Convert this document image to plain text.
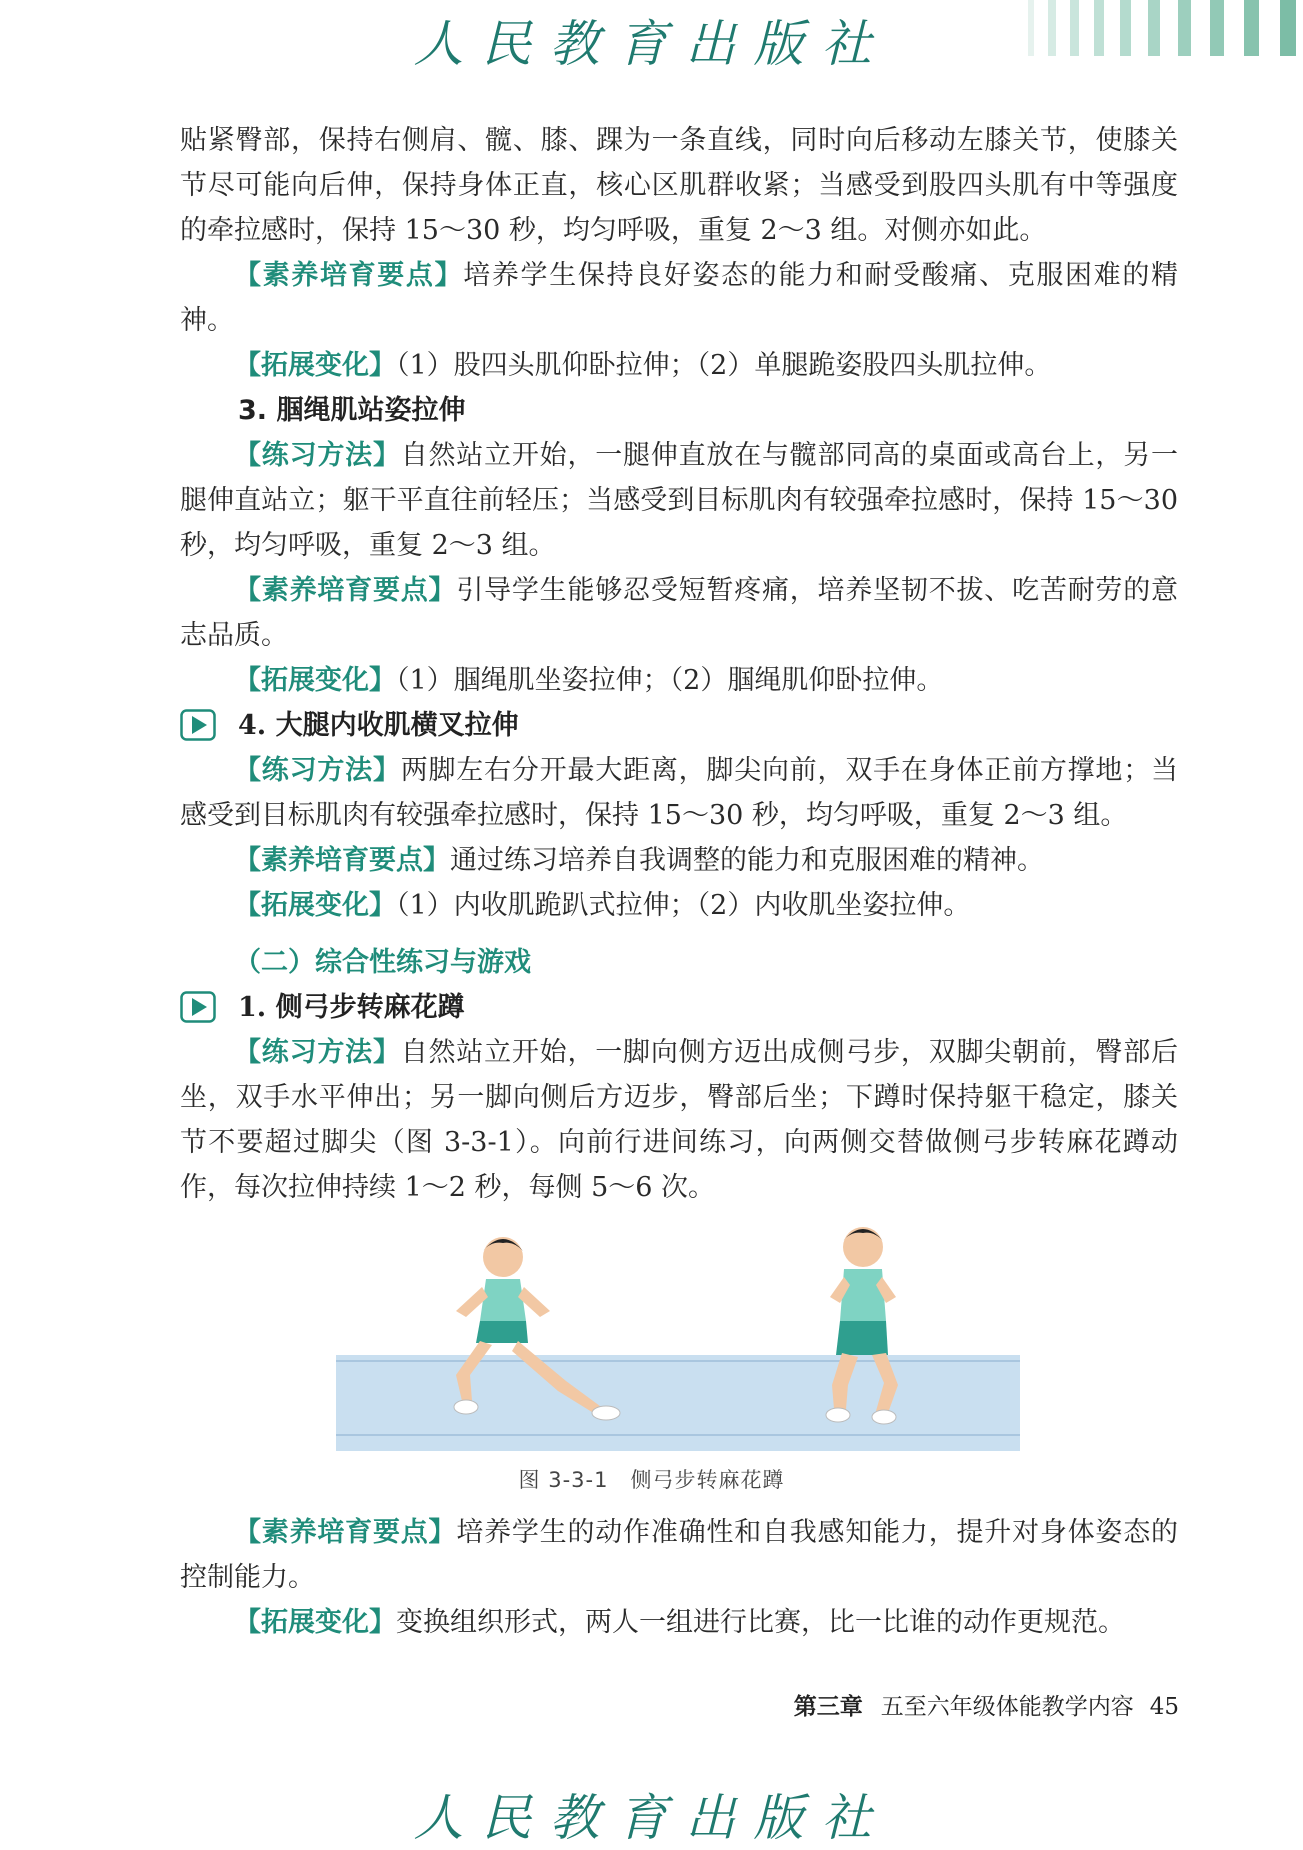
人民教育出版社

贴紧臀部，保持右侧肩、髋、膝、踝为一条直线，同时向后移动左膝关节，使膝关节尽可能向后伸，保持身体正直，核心区肌群收紧；当感受到股四头肌有中等强度的牵拉感时，保持 15～30 秒，均匀呼吸，重复 2～3 组。对侧亦如此。

【素养培育要点】培养学生保持良好姿态的能力和耐受酸痛、克服困难的精神。

【拓展变化】（1）股四头肌仰卧拉伸；（2）单腿跪姿股四头肌拉伸。

3. 腘绳肌站姿拉伸

【练习方法】自然站立开始，一腿伸直放在与髋部同高的桌面或高台上，另一腿伸直站立；躯干平直往前轻压；当感受到目标肌肉有较强牵拉感时，保持 15～30 秒，均匀呼吸，重复 2～3 组。

【素养培育要点】引导学生能够忍受短暂疼痛，培养坚韧不拔、吃苦耐劳的意志品质。

【拓展变化】（1）腘绳肌坐姿拉伸；（2）腘绳肌仰卧拉伸。

4. 大腿内收肌横叉拉伸

【练习方法】两脚左右分开最大距离，脚尖向前，双手在身体正前方撑地；当感受到目标肌肉有较强牵拉感时，保持 15～30 秒，均匀呼吸，重复 2～3 组。

【素养培育要点】通过练习培养自我调整的能力和克服困难的精神。

【拓展变化】（1）内收肌跪趴式拉伸；（2）内收肌坐姿拉伸。

（二）综合性练习与游戏

1. 侧弓步转麻花蹲

【练习方法】自然站立开始，一脚向侧方迈出成侧弓步，双脚尖朝前，臀部后坐，双手水平伸出；另一脚向侧后方迈步，臀部后坐；下蹲时保持躯干稳定，膝关节不要超过脚尖（图 3-3-1）。向前行进间练习，向两侧交替做侧弓步转麻花蹲动作，每次拉伸持续 1～2 秒，每侧 5～6 次。

图 3-3-1　侧弓步转麻花蹲

【素养培育要点】培养学生的动作准确性和自我感知能力，提升对身体姿态的控制能力。

【拓展变化】变换组织形式，两人一组进行比赛，比一比谁的动作更规范。

第三章 五至六年级体能教学内容 45
人民教育出版社
